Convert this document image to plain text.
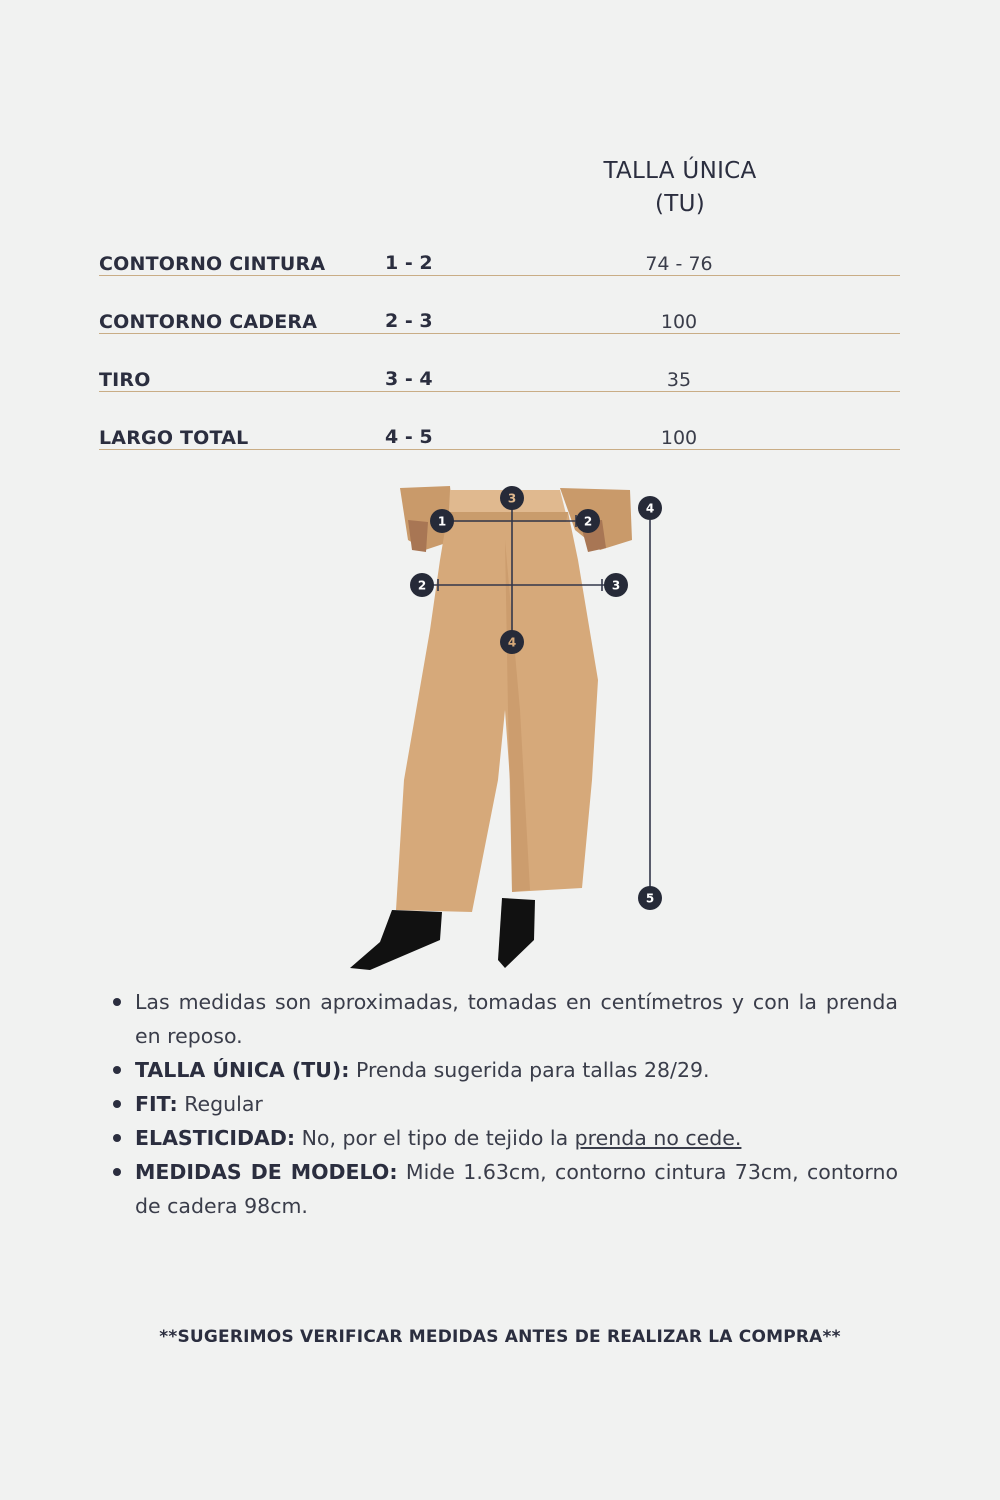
TALLA ÚNICA
(TU)
CONTORNO CINTURA	1 - 2	74 - 76
CONTORNO CADERA	2 - 3	100
TIRO	3 - 4	35
LARGO TOTAL	4 - 5	100
1	2
3
2	3
4
4
5
Las medidas son aproximadas, tomadas en centímetros y con la prenda en reposo.
TALLA ÚNICA (TU): Prenda sugerida para tallas 28/29.
FIT: Regular
ELASTICIDAD: No, por el tipo de tejido la prenda no cede.
MEDIDAS DE MODELO: Mide 1.63cm, contorno cintura 73cm, contorno de cadera 98cm.
**SUGERIMOS VERIFICAR MEDIDAS ANTES DE REALIZAR LA COMPRA**
